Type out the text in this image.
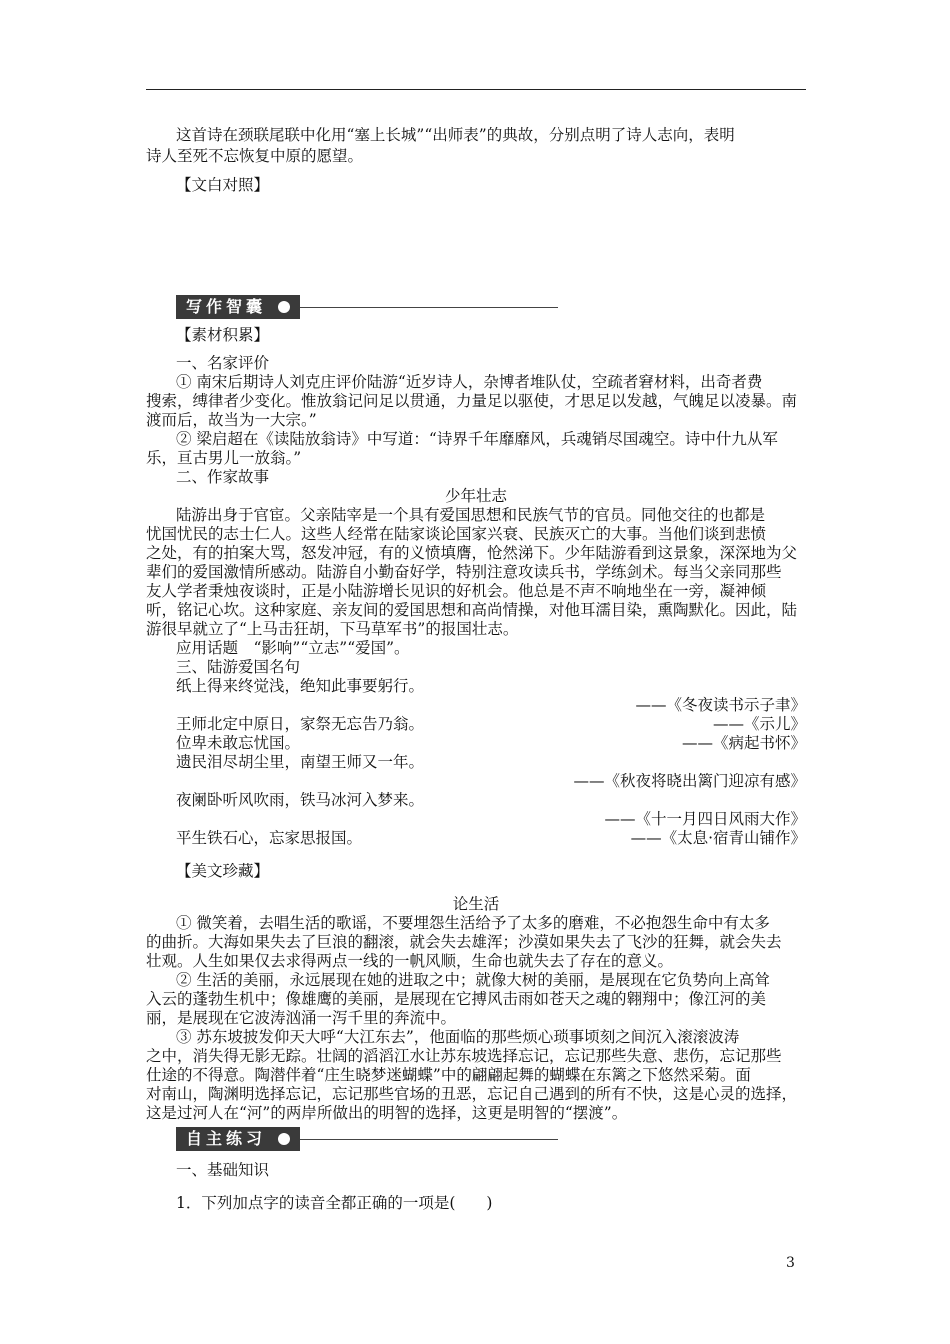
这首诗在颈联尾联中化用“塞上长城”“出师表”的典故，分别点明了诗人志向，表明
诗人至死不忘恢复中原的愿望。
【文白对照】
写作智囊
【素材积累】
一、名家评价
① 南宋后期诗人刘克庄评价陆游“近岁诗人，杂博者堆队仗，空疏者窘材料，出奇者费
搜索，缚律者少变化。惟放翁记问足以贯通，力量足以驱使，才思足以发越，气魄足以凌暴。南
渡而后，故当为一大宗。”
② 梁启超在《读陆放翁诗》中写道：“诗界千年靡靡风，兵魂销尽国魂空。诗中什九从军
乐，亘古男儿一放翁。”
二、作家故事
少年壮志
陆游出身于官宦。父亲陆宰是一个具有爱国思想和民族气节的官员。同他交往的也都是
忧国忧民的志士仁人。这些人经常在陆家谈论国家兴衰、民族灭亡的大事。当他们谈到悲愤
之处，有的拍案大骂，怒发冲冠，有的义愤填膺，怆然涕下。少年陆游看到这景象，深深地为父
辈们的爱国激情所感动。陆游自小勤奋好学，特别注意攻读兵书，学练剑术。每当父亲同那些
友人学者秉烛夜谈时，正是小陆游增长见识的好机会。他总是不声不响地坐在一旁，凝神倾
听，铭记心坎。这种家庭、亲友间的爱国思想和高尚情操，对他耳濡目染，熏陶默化。因此，陆
游很早就立了“上马击狂胡，下马草军书”的报国壮志。
应用话题　“影响”“立志”“爱国”。
三、陆游爱国名句
纸上得来终觉浅，绝知此事要躬行。
——《冬夜读书示子聿》
王师北定中原日，家祭无忘告乃翁。	——《示儿》
位卑未敢忘忧国。	——《病起书怀》
遗民泪尽胡尘里，南望王师又一年。
——《秋夜将晓出篱门迎凉有感》
夜阑卧听风吹雨，铁马冰河入梦来。
——《十一月四日风雨大作》
平生铁石心，忘家思报国。	——《太息·宿青山铺作》
【美文珍藏】
论生活
① 微笑着，去唱生活的歌谣，不要埋怨生活给予了太多的磨难，不必抱怨生命中有太多
的曲折。大海如果失去了巨浪的翻滚，就会失去雄浑；沙漠如果失去了飞沙的狂舞，就会失去
壮观。人生如果仅去求得两点一线的一帆风顺，生命也就失去了存在的意义。
② 生活的美丽，永远展现在她的进取之中；就像大树的美丽，是展现在它负势向上高耸
入云的蓬勃生机中；像雄鹰的美丽，是展现在它搏风击雨如苍天之魂的翱翔中；像江河的美
丽，是展现在它波涛汹涌一泻千里的奔流中。
③ 苏东坡披发仰天大呼“大江东去”，他面临的那些烦心琐事顷刻之间沉入滚滚波涛
之中，消失得无影无踪。壮阔的滔滔江水让苏东坡选择忘记，忘记那些失意、悲伤，忘记那些
仕途的不得意。陶潜伴着“庄生晓梦迷蝴蝶”中的翩翩起舞的蝴蝶在东篱之下悠然采菊。面
对南山，陶渊明选择忘记，忘记那些官场的丑恶，忘记自己遇到的所有不快，这是心灵的选择，
这是过河人在“河”的两岸所做出的明智的选择，这更是明智的“摆渡”。
自主练习
一、基础知识
1．下列加点字的读音全都正确的一项是(　　)
3
